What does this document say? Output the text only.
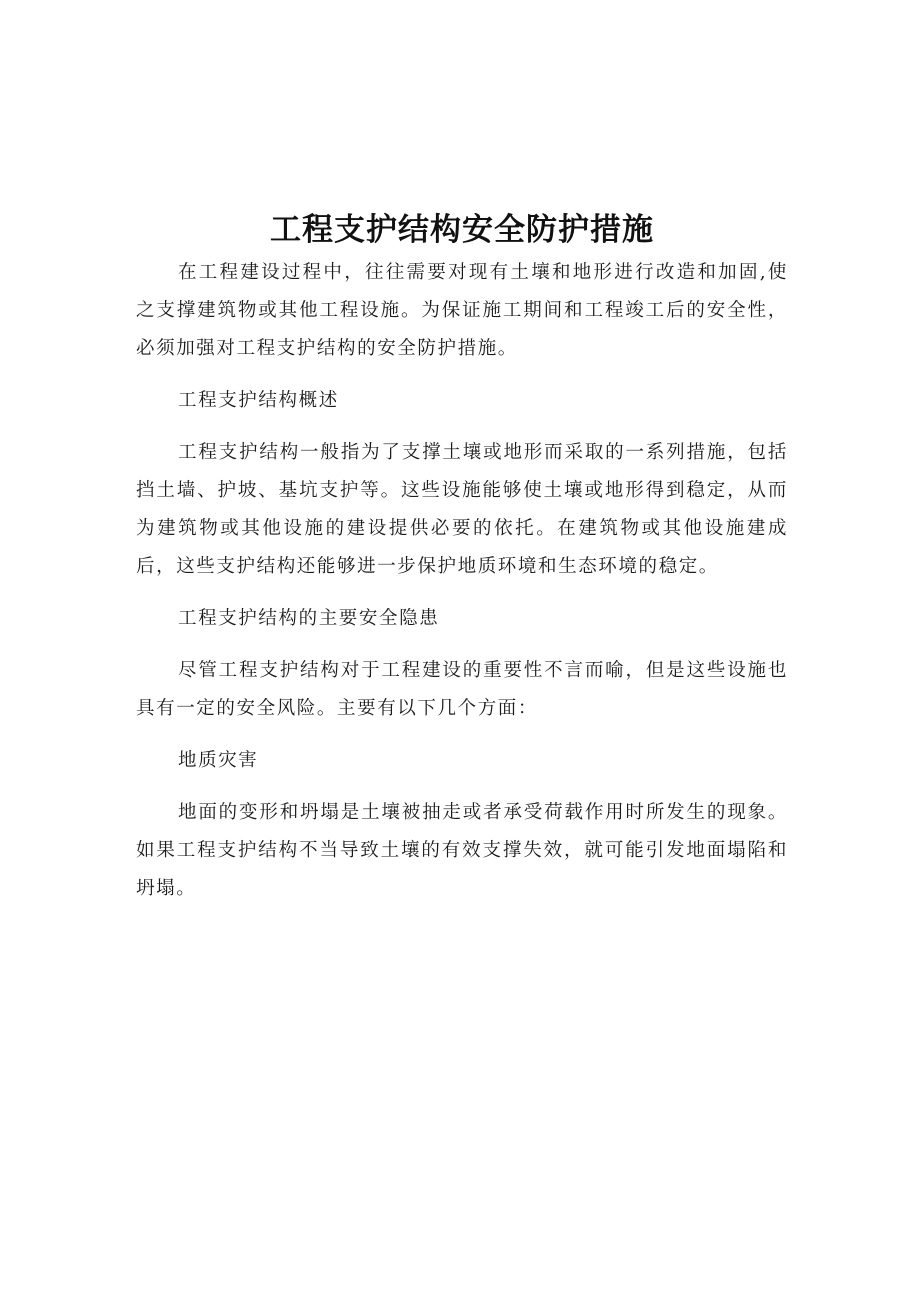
工程支护结构安全防护措施

在工程建设过程中，往往需要对现有土壤和地形进行改造和加固,使之支撑建筑物或其他工程设施。为保证施工期间和工程竣工后的安全性，必须加强对工程支护结构的安全防护措施。

工程支护结构概述

工程支护结构一般指为了支撑土壤或地形而采取的一系列措施，包括挡土墙、护坡、基坑支护等。这些设施能够使土壤或地形得到稳定，从而为建筑物或其他设施的建设提供必要的依托。在建筑物或其他设施建成后，这些支护结构还能够进一步保护地质环境和生态环境的稳定。

工程支护结构的主要安全隐患

尽管工程支护结构对于工程建设的重要性不言而喻，但是这些设施也具有一定的安全风险。主要有以下几个方面：

地质灾害

地面的变形和坍塌是土壤被抽走或者承受荷载作用时所发生的现象。如果工程支护结构不当导致土壤的有效支撑失效，就可能引发地面塌陷和坍塌。
